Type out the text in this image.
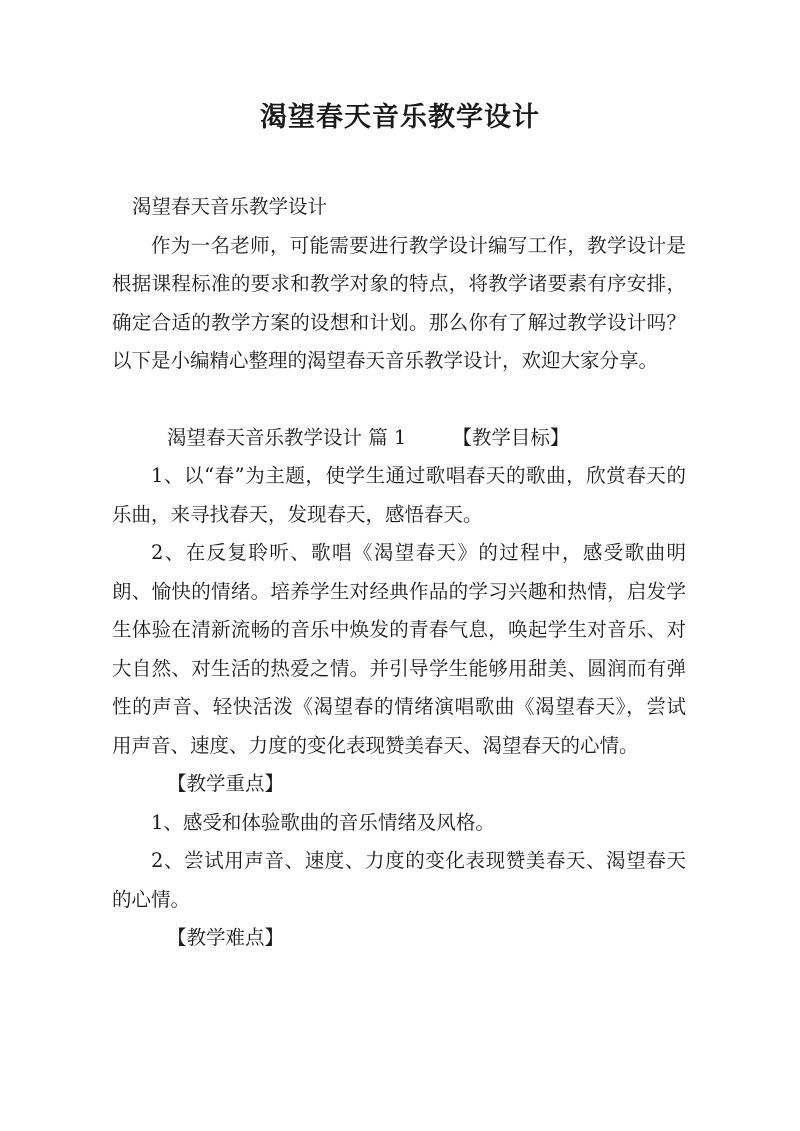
渴望春天音乐教学设计

渴望春天音乐教学设计

作为一名老师，可能需要进行教学设计编写工作，教学设计是根据课程标准的要求和教学对象的特点，将教学诸要素有序安排，确定合适的教学方案的设想和计划。那么你有了解过教学设计吗？以下是小编精心整理的渴望春天音乐教学设计，欢迎大家分享。

渴望春天音乐教学设计 篇 1 【教学目标】

1、以“春”为主题，使学生通过歌唱春天的歌曲，欣赏春天的乐曲，来寻找春天，发现春天，感悟春天。

2、在反复聆听、歌唱《渴望春天》的过程中，感受歌曲明朗、愉快的情绪。培养学生对经典作品的学习兴趣和热情，启发学生体验在清新流畅的音乐中焕发的青春气息，唤起学生对音乐、对大自然、对生活的热爱之情。并引导学生能够用甜美、圆润而有弹性的声音、轻快活泼《渴望春的情绪演唱歌曲《渴望春天》，尝试用声音、速度、力度的变化表现赞美春天、渴望春天的心情。

【教学重点】

1、感受和体验歌曲的音乐情绪及风格。

2、尝试用声音、速度、力度的变化表现赞美春天、渴望春天的心情。

【教学难点】
